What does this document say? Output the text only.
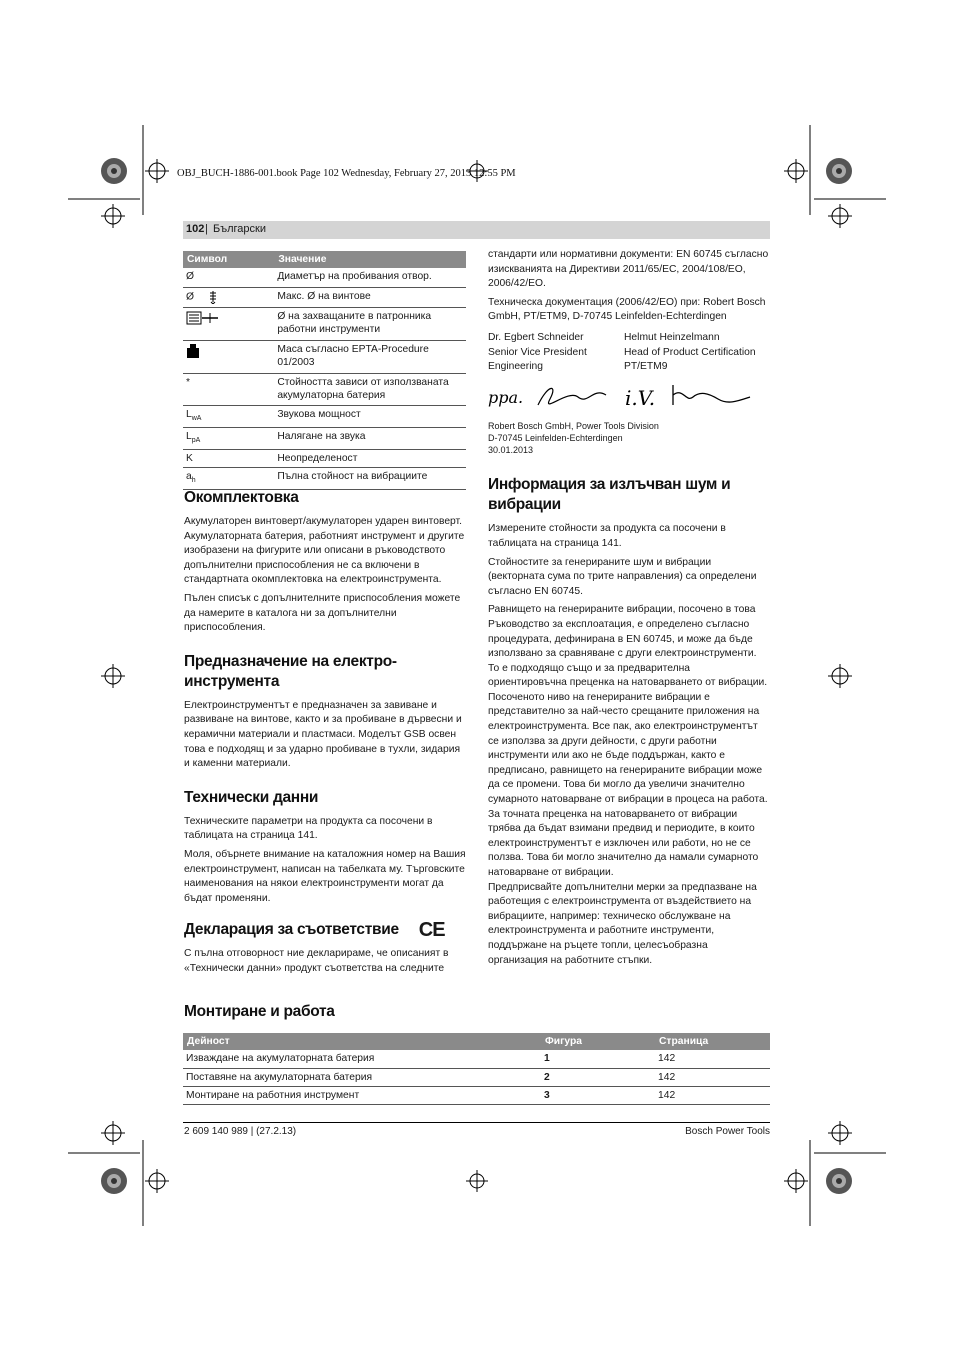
OBJ_BUCH-1886-001.book Page 102 Wednesday, February 27, 2013 12:55 PM
102 | Български
Символ	Значение
Ø	Диаметър на пробивания отвор.
Ø	Макс. Ø на винтове
	Ø на захващаните в патронника работни инструменти
	Маса съгласно EPTA-Procedure 01/2003
*	Стойността зависи от използваната акумулаторна батерия
$L_{wA}$	Звукова мощност
$L_{pA}$	Налягане на звука
K	Неопределеност
$a_h$	Пълна стойност на вибрациите
Окомплектовка

Акумулаторен винтоверт/акумулаторен ударен винтоверт. Акумулаторната батерия, работният инструмент и другите изобразени на фигурите или описани в ръководството допълнителни приспособления не са включени в стандартната окомплектовка на електроинструмента.

Пълен списък с допълнителните приспособления можете да намерите в каталога ни за допълнителни приспособления.

Предназначение на електро-инструмента

Електроинструментът е предназначен за завиване и развиване на винтове, както и за пробиване в дървесни и керамични материали и пластмаси. Моделът GSB освен това е подходящ и за ударно пробиване в тухли, зидария и каменни материали.

Технически данни

Техническите параметри на продукта са посочени в таблицата на страница 141.

Моля, обърнете внимание на каталожния номер на Вашия електроинструмент, написан на табелката му. Търговските наименования на някои електроинструменти могат да бъдат променяни.

Декларация за съответствие CE

С пълна отговорност ние декларираме, че описаният в «Технически данни» продукт съответства на следните

стандарти или нормативни документи: EN 60745 съгласно изискванията на Директиви 2011/65/ЕС, 2004/108/ЕО, 2006/42/ЕО.

Техническа документация (2006/42/ЕО) при: Robert Bosch GmbH, PT/ETM9, D-70745 Leinfelden-Echterdingen

Dr. Egbert Schneider
Senior Vice President
Engineering
Helmut Heinzelmann
Head of Product Certification
PT/ETM9
ppa.	i.V.
Robert Bosch GmbH, Power Tools Division
D-70745 Leinfelden-Echterdingen
30.01.2013
Информация за излъчван шум и вибрации

Измерените стойности за продукта са посочени в таблицата на страница 141.

Стойностите за генерираните шум и вибрации (векторната сума по трите направления) са определени съгласно EN 60745.

Равнището на генерираните вибрации, посочено в това Ръководство за експлоатация, е определено съгласно процедурата, дефинирана в EN 60745, и може да бъде използвано за сравняване с други електроинструменти. То е подходящо също и за предварителна ориентировъчна преценка на натоварването от вибрации.

Посоченото ниво на генерираните вибрации е представително за най-често срещаните приложения на електроинструмента. Все пак, ако електроинструментът се използва за други дейности, с други работни инструменти или ако не бъде поддържан, както е предписано, равнището на генерираните вибрации може да се промени. Това би могло да увеличи значително сумарното натоварване от вибрации в процеса на работа.

За точната преценка на натоварването от вибрации трябва да бъдат взимани предвид и периодите, в които електроинструментът е изключен или работи, но не се ползва. Това би могло значително да намали сумарното натоварване от вибрации.

Предприсвайте допълнителни мерки за предпазване на работещия с електроинструмента от въздействието на вибрациите, например: техническо обслужване на електроинструмента и работните инструменти, поддържане на ръцете топли, целесъобразна организация на работните стъпки.

Монтиране и работа
Дейност	Фигура	Страница
Изваждане на акумулаторната батерия	1	142
Поставяне на акумулаторната батерия	2	142
Монтиране на работния инструмент	3	142
2 609 140 989 | (27.2.13)	Bosch Power Tools
